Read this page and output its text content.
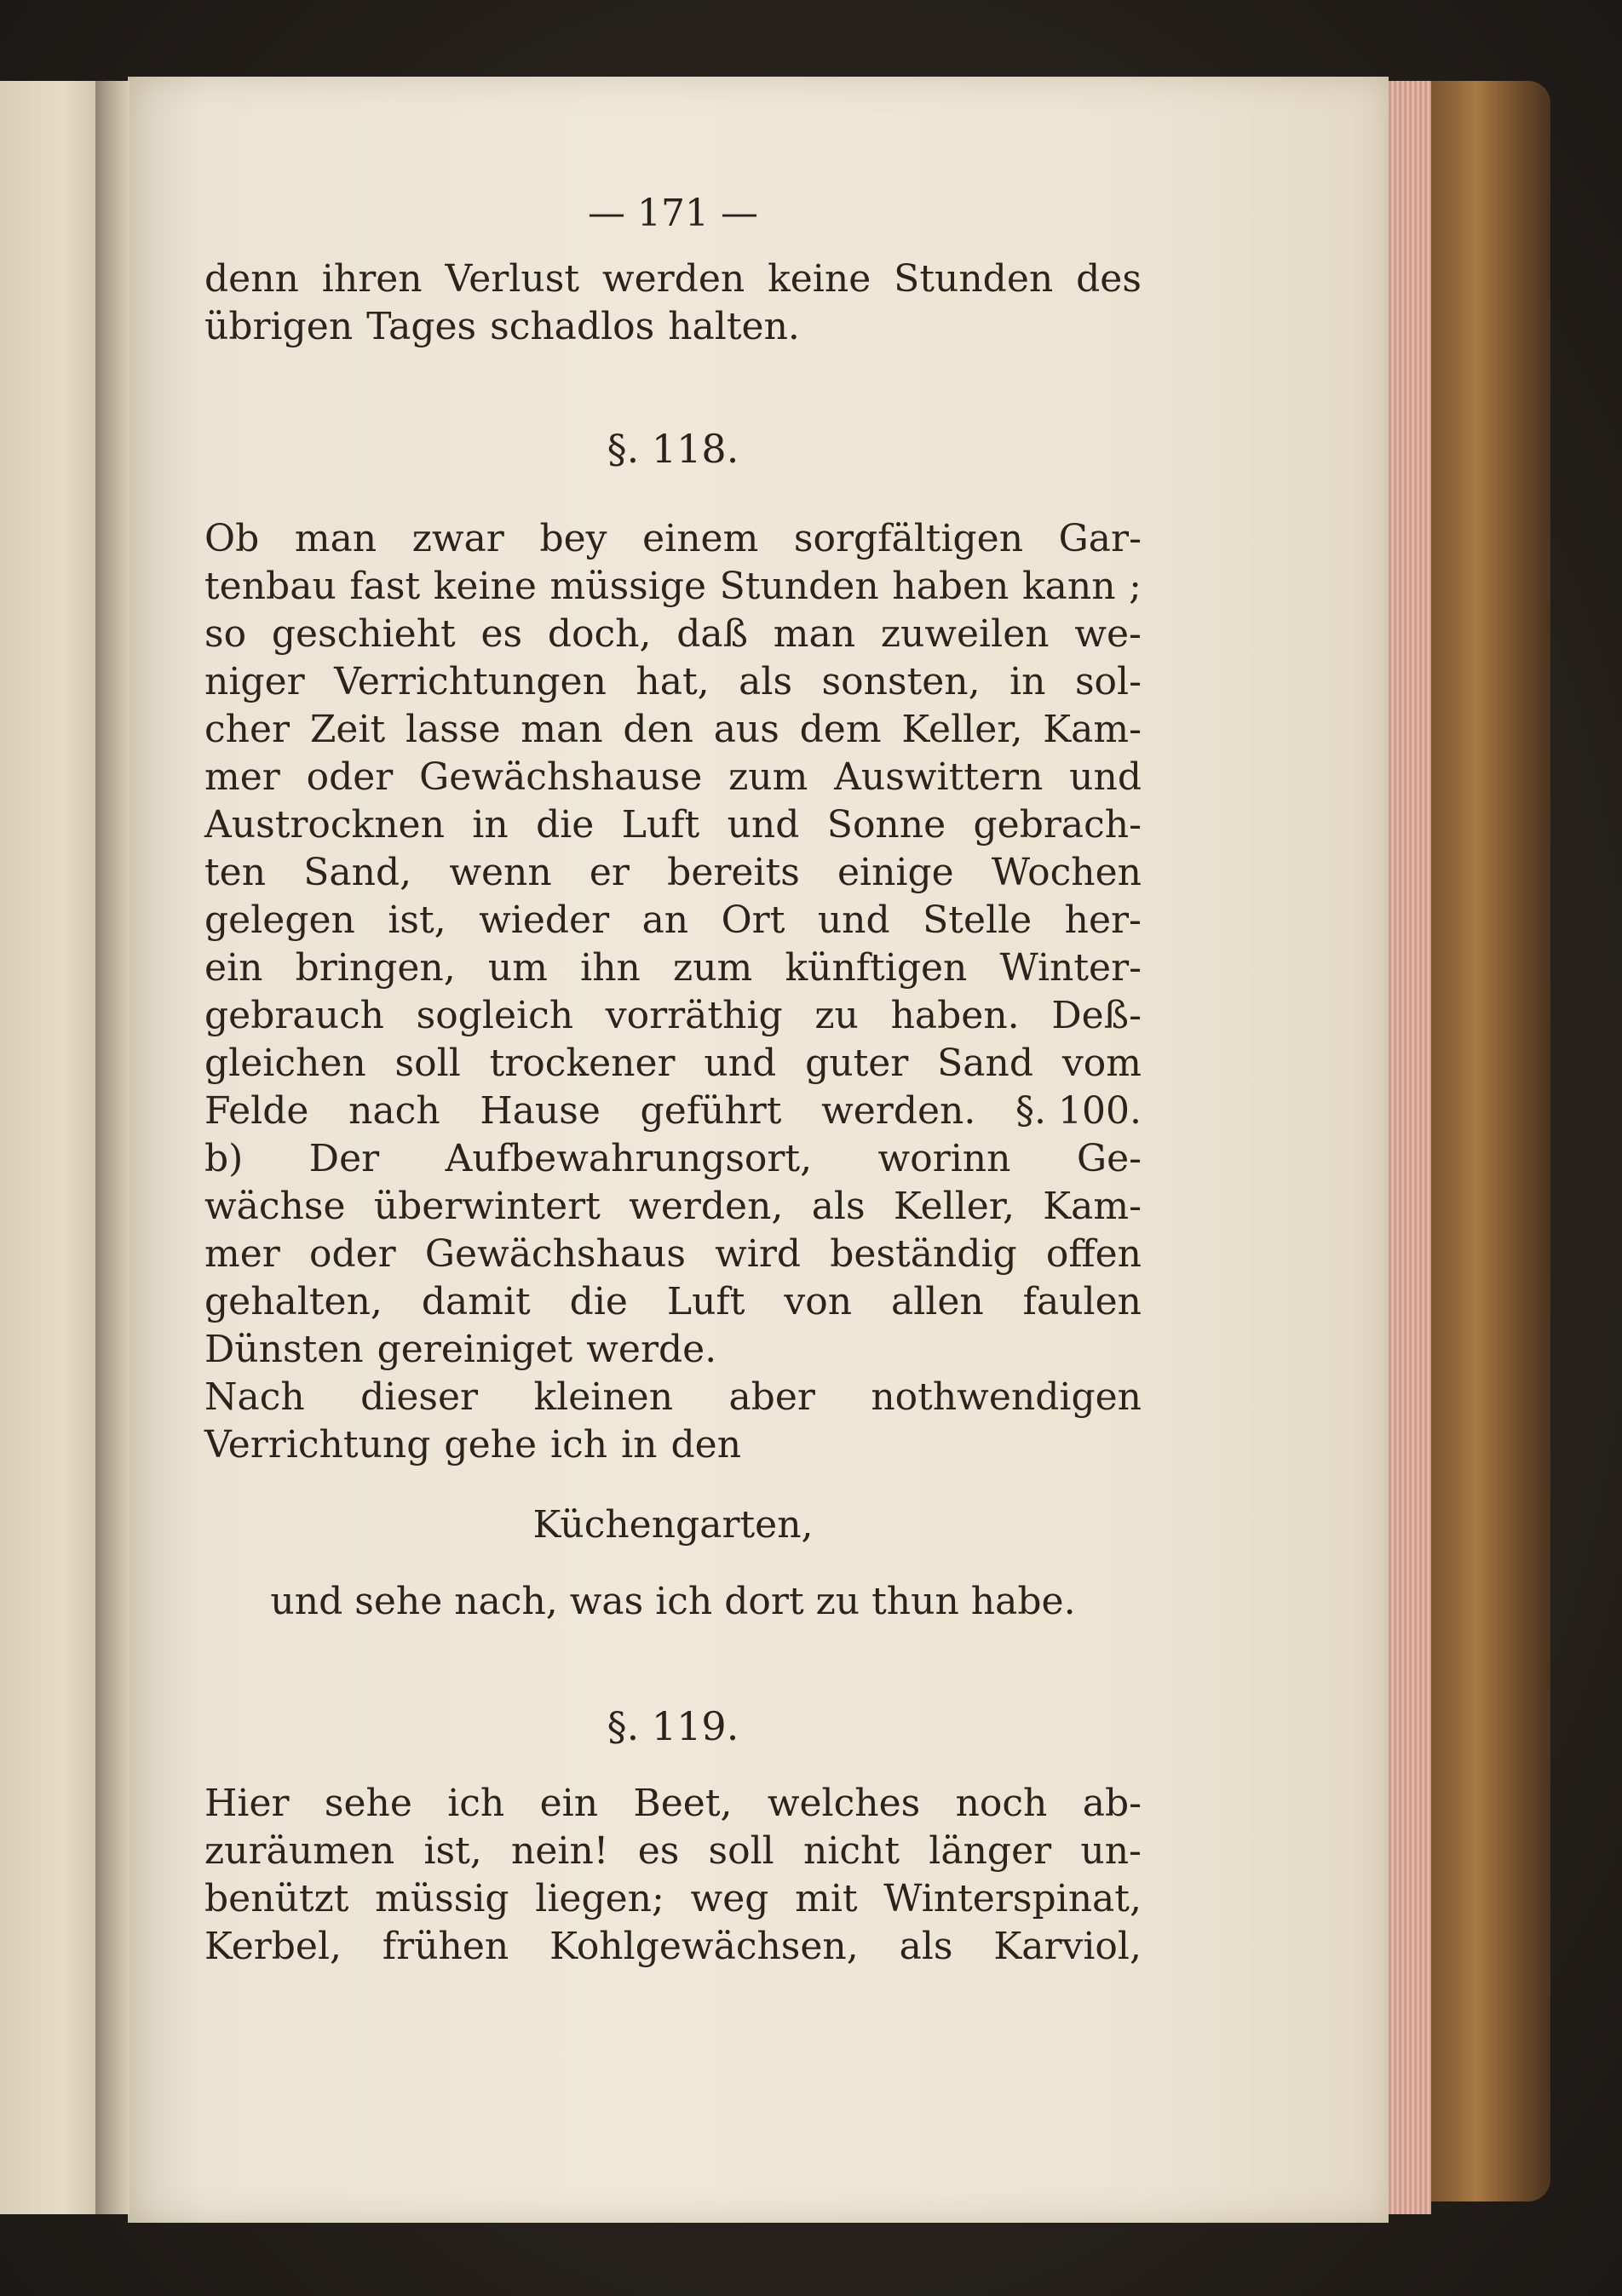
— 171 —
denn ihren Verlust werden keine Stunden des
übrigen Tages schadlos halten.
§. 118.
Ob man zwar bey einem sorgfältigen Gar-
tenbau fast keine müssige Stunden haben kann ;
so geschieht es doch, daß man zuweilen we-
niger Verrichtungen hat, als sonsten, in sol-
cher Zeit lasse man den aus dem Keller, Kam-
mer oder Gewächshause zum Auswittern und
Austrocknen in die Luft und Sonne gebrach-
ten Sand, wenn er bereits einige Wochen
gelegen ist, wieder an Ort und Stelle her-
ein bringen, um ihn zum künftigen Winter-
gebrauch sogleich vorräthig zu haben. Deß-
gleichen soll trockener und guter Sand vom
Felde nach Hause geführt werden. §. 100.
b) Der Aufbewahrungsort, worinn Ge-
wächse überwintert werden, als Keller, Kam-
mer oder Gewächshaus wird beständig offen
gehalten, damit die Luft von allen faulen
Dünsten gereiniget werde.
Nach dieser kleinen aber nothwendigen
Verrichtung gehe ich in den
Küchengarten,
und sehe nach, was ich dort zu thun habe.
§. 119.
Hier sehe ich ein Beet, welches noch ab-
zuräumen ist, nein! es soll nicht länger un-
benützt müssig liegen; weg mit Winterspinat,
Kerbel, frühen Kohlgewächsen, als Karviol,
